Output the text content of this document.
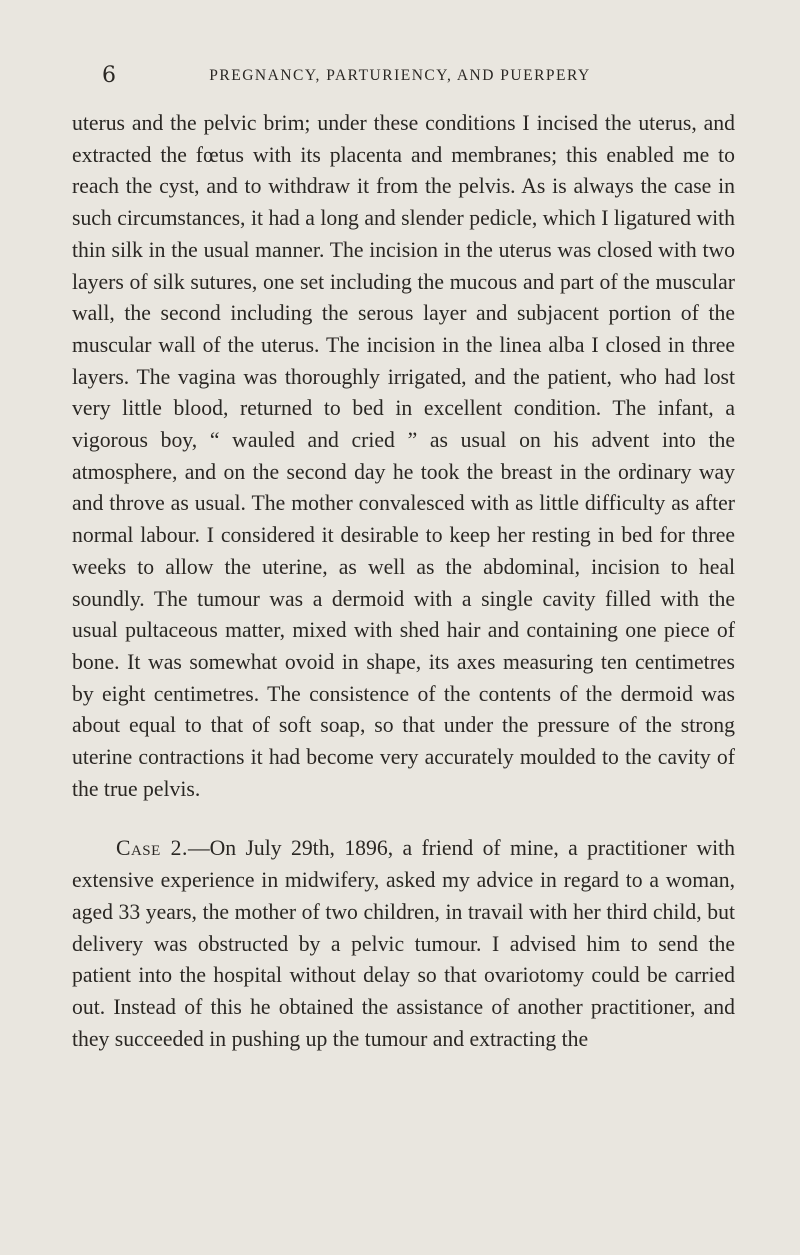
6	PREGNANCY, PARTURIENCY, AND PUERPERY

uterus and the pelvic brim; under these conditions I incised the uterus, and extracted the fœtus with its placenta and membranes; this enabled me to reach the cyst, and to withdraw it from the pelvis. As is always the case in such circumstances, it had a long and slender pedicle, which I ligatured with thin silk in the usual manner. The incision in the uterus was closed with two layers of silk sutures, one set including the mucous and part of the muscular wall, the second including the serous layer and subjacent portion of the muscular wall of the uterus. The incision in the linea alba I closed in three layers. The vagina was thoroughly irrigated, and the patient, who had lost very little blood, returned to bed in excellent condition. The infant, a vigorous boy, “ wauled and cried ” as usual on his advent into the atmosphere, and on the second day he took the breast in the ordinary way and throve as usual. The mother convalesced with as little difficulty as after normal labour. I considered it desirable to keep her resting in bed for three weeks to allow the uterine, as well as the abdominal, incision to heal soundly. The tumour was a dermoid with a single cavity filled with the usual pultaceous matter, mixed with shed hair and containing one piece of bone. It was somewhat ovoid in shape, its axes measuring ten centimetres by eight centimetres. The consistence of the contents of the dermoid was about equal to that of soft soap, so that under the pressure of the strong uterine contractions it had become very accurately moulded to the cavity of the true pelvis.

Case 2.—On July 29th, 1896, a friend of mine, a practitioner with extensive experience in midwifery, asked my advice in regard to a woman, aged 33 years, the mother of two children, in travail with her third child, but delivery was obstructed by a pelvic tumour. I advised him to send the patient into the hospital without delay so that ovariotomy could be carried out. Instead of this he obtained the assistance of another practitioner, and they succeeded in pushing up the tumour and extracting the
